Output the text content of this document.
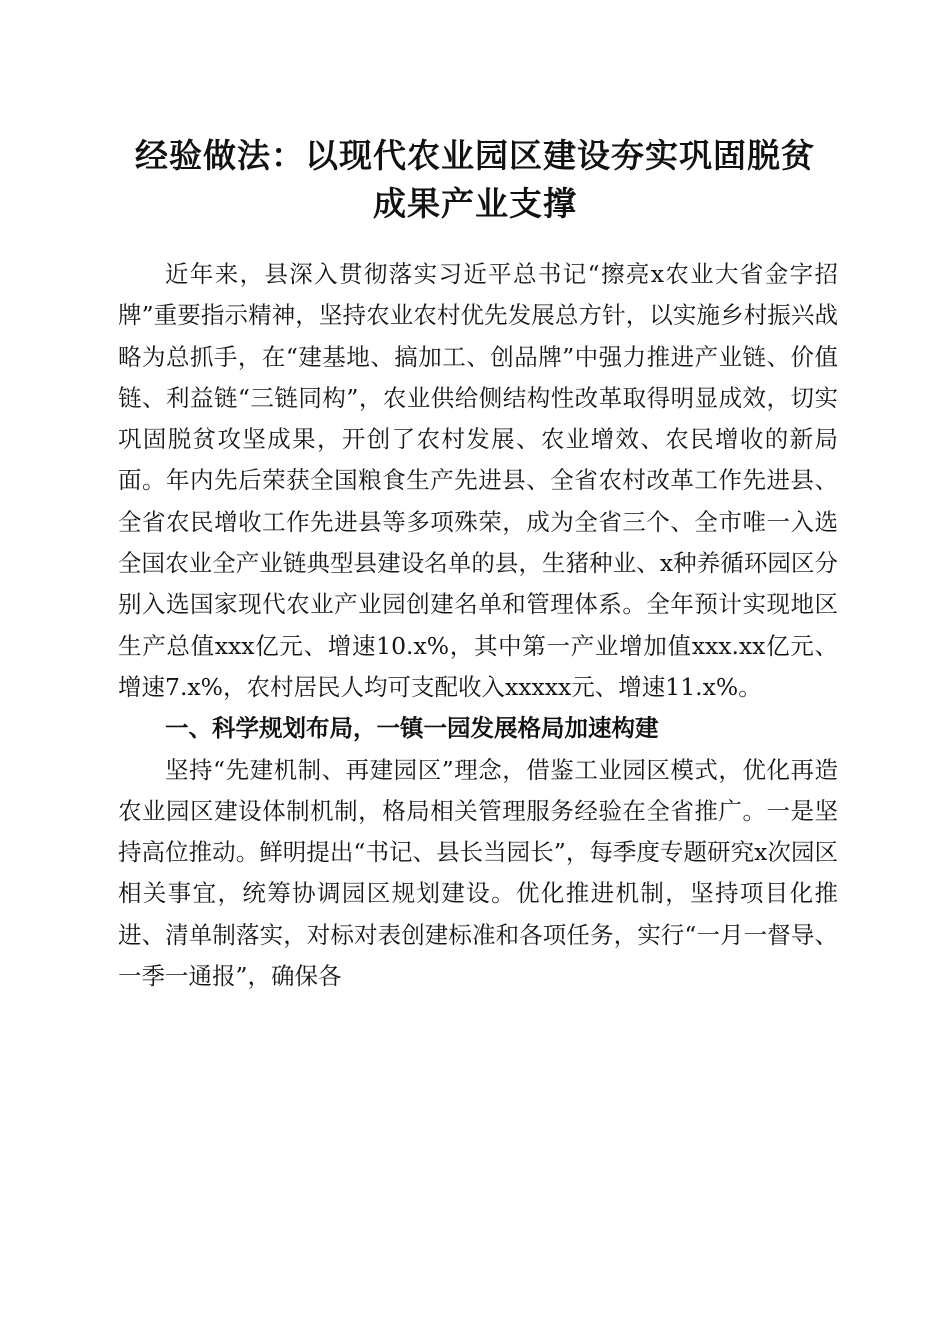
经验做法：以现代农业园区建设夯实巩固脱贫
成果产业支撑

近年来，县深入贯彻落实习近平总书记“擦亮x农业大省金字招牌”重要指示精神，坚持农业农村优先发展总方针，以实施乡村振兴战略为总抓手，在“建基地、搞加工、创品牌”中强力推进产业链、价值链、利益链“三链同构”，农业供给侧结构性改革取得明显成效，切实巩固脱贫攻坚成果，开创了农村发展、农业增效、农民增收的新局面。年内先后荣获全国粮食生产先进县、全省农村改革工作先进县、全省农民增收工作先进县等多项殊荣，成为全省三个、全市唯一入选全国农业全产业链典型县建设名单的县，生猪种业、x种养循环园区分别入选国家现代农业产业园创建名单和管理体系。全年预计实现地区生产总值xxx亿元、增速10.x%，其中第一产业增加值xxx.xx亿元、增速7.x%，农村居民人均可支配收入xxxxx元、增速11.x%。

一、科学规划布局，一镇一园发展格局加速构建

坚持“先建机制、再建园区”理念，借鉴工业园区模式，优化再造农业园区建设体制机制，格局相关管理服务经验在全省推广。一是坚持高位推动。鲜明提出“书记、县长当园长”，每季度专题研究x次园区相关事宜，统筹协调园区规划建设。优化推进机制，坚持项目化推进、清单制落实，对标对表创建标准和各项任务，实行“一月一督导、一季一通报”，确保各
